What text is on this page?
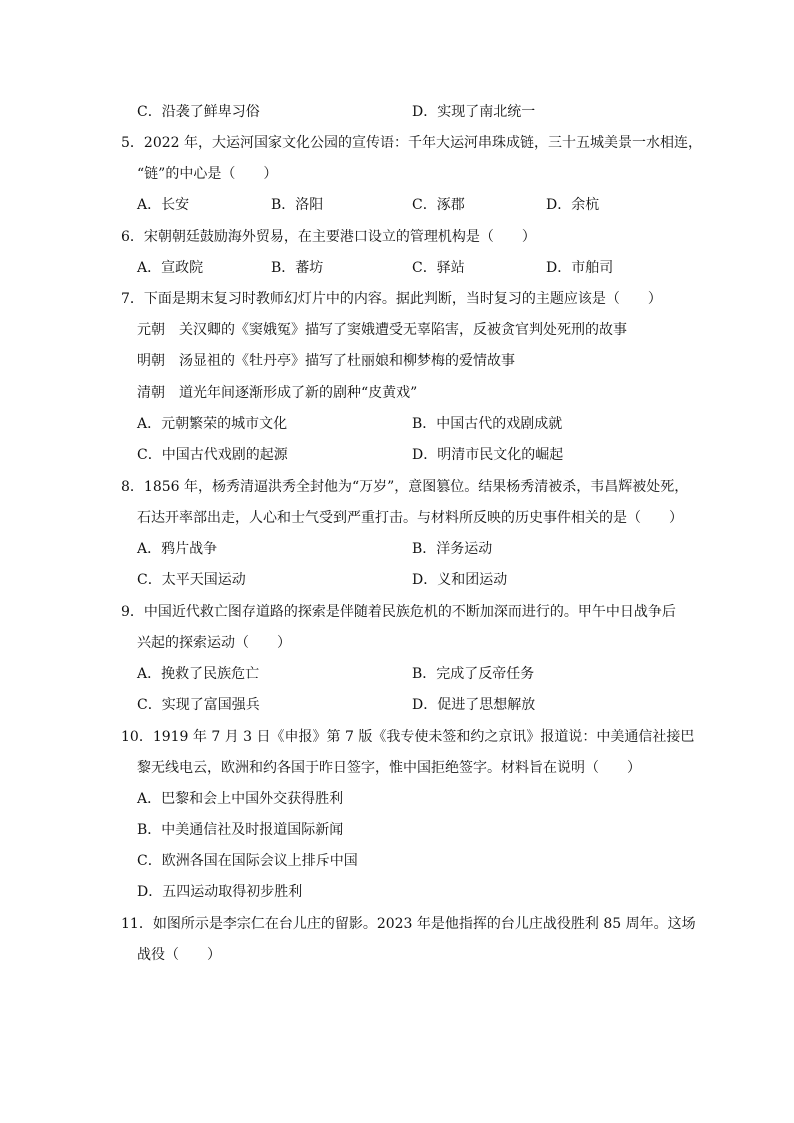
C．沿袭了鲜卑习俗	D．实现了南北统一
5．2022 年，大运河国家文化公园的宣传语：千年大运河串珠成链，三十五城美景一水相连，
“链”的中心是（　　）
A．长安	B．洛阳	C．涿郡	D．余杭
6．宋朝朝廷鼓励海外贸易，在主要港口设立的管理机构是（　　）
A．宣政院	B．蕃坊	C．驿站	D．市舶司
7．下面是期末复习时教师幻灯片中的内容。据此判断，当时复习的主题应该是（　　）
元朝　关汉卿的《窦娥冤》描写了窦娥遭受无辜陷害，反被贪官判处死刑的故事
明朝　汤显祖的《牡丹亭》描写了杜丽娘和柳梦梅的爱情故事
清朝　道光年间逐渐形成了新的剧种“皮黄戏”
A．元朝繁荣的城市文化	B．中国古代的戏剧成就
C．中国古代戏剧的起源	D．明清市民文化的崛起
8．1856 年，杨秀清逼洪秀全封他为“万岁”，意图篡位。结果杨秀清被杀，韦昌辉被处死，
石达开率部出走，人心和士气受到严重打击。与材料所反映的历史事件相关的是（　　）
A．鸦片战争	B．洋务运动
C．太平天国运动	D．义和团运动
9．中国近代救亡图存道路的探索是伴随着民族危机的不断加深而进行的。甲午中日战争后
兴起的探索运动（　　）
A．挽救了民族危亡	B．完成了反帝任务
C．实现了富国强兵	D．促进了思想解放
10．1919 年 7 月 3 日《申报》第 7 版《我专使未签和约之京讯》报道说：中美通信社接巴
黎无线电云，欧洲和约各国于昨日签字，惟中国拒绝签字。材料旨在说明（　　）
A．巴黎和会上中国外交获得胜利
B．中美通信社及时报道国际新闻
C．欧洲各国在国际会议上排斥中国
D．五四运动取得初步胜利
11．如图所示是李宗仁在台儿庄的留影。2023 年是他指挥的台儿庄战役胜利 85 周年。这场
战役（　　）
